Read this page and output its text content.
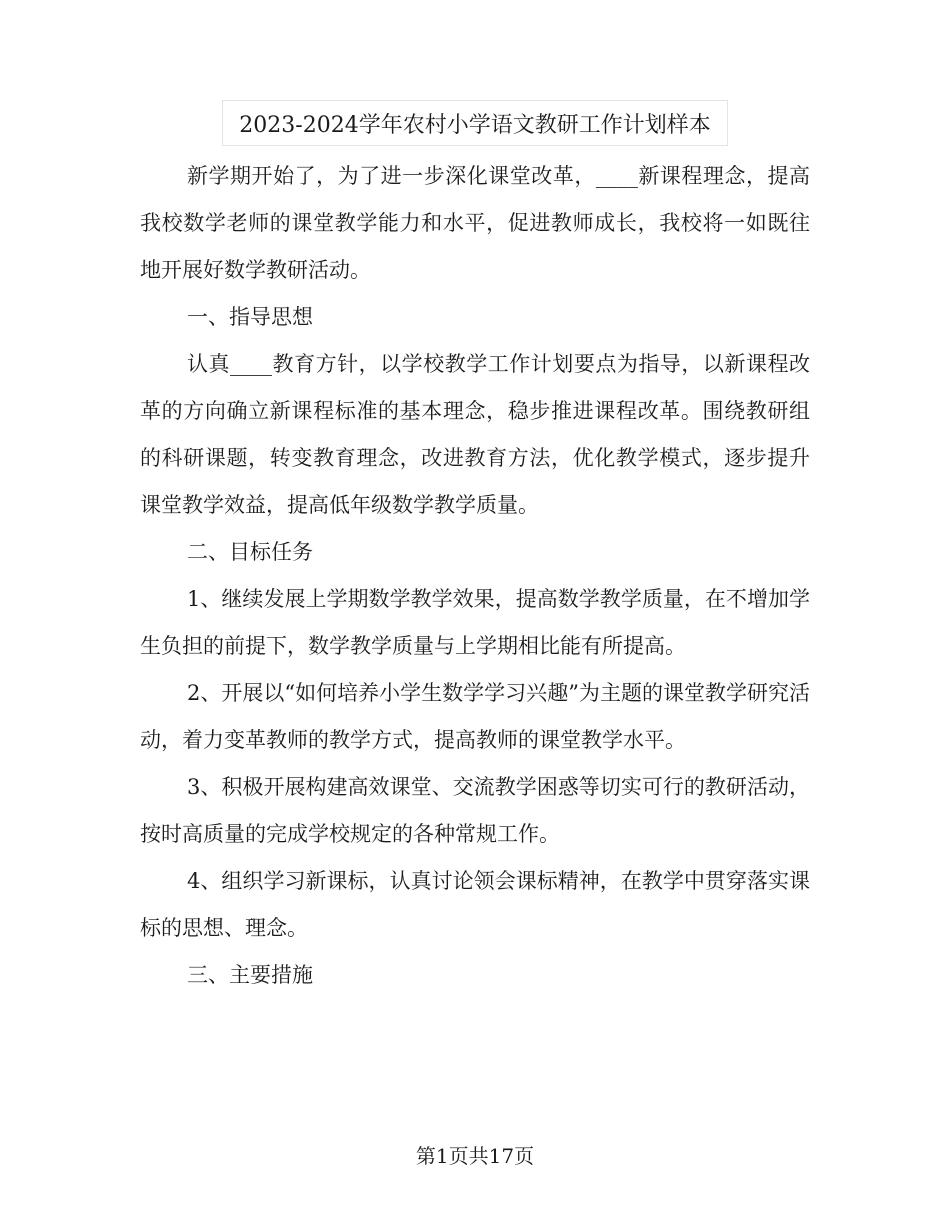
2023-2024学年农村小学语文教研工作计划样本

新学期开始了，为了进一步深化课堂改革，____新课程理念，提高我校数学老师的课堂教学能力和水平，促进教师成长，我校将一如既往地开展好数学教研活动。

一、指导思想

认真____教育方针，以学校教学工作计划要点为指导，以新课程改革的方向确立新课程标准的基本理念，稳步推进课程改革。围绕教研组的科研课题，转变教育理念，改进教育方法，优化教学模式，逐步提升课堂教学效益，提高低年级数学教学质量。

二、目标任务

1、继续发展上学期数学教学效果，提高数学教学质量，在不增加学生负担的前提下，数学教学质量与上学期相比能有所提高。

2、开展以“如何培养小学生数学学习兴趣”为主题的课堂教学研究活动，着力变革教师的教学方式，提高教师的课堂教学水平。

3、积极开展构建高效课堂、交流教学困惑等切实可行的教研活动，按时高质量的完成学校规定的各种常规工作。

4、组织学习新课标，认真讨论领会课标精神，在教学中贯穿落实课标的思想、理念。

三、主要措施

第1页共17页
